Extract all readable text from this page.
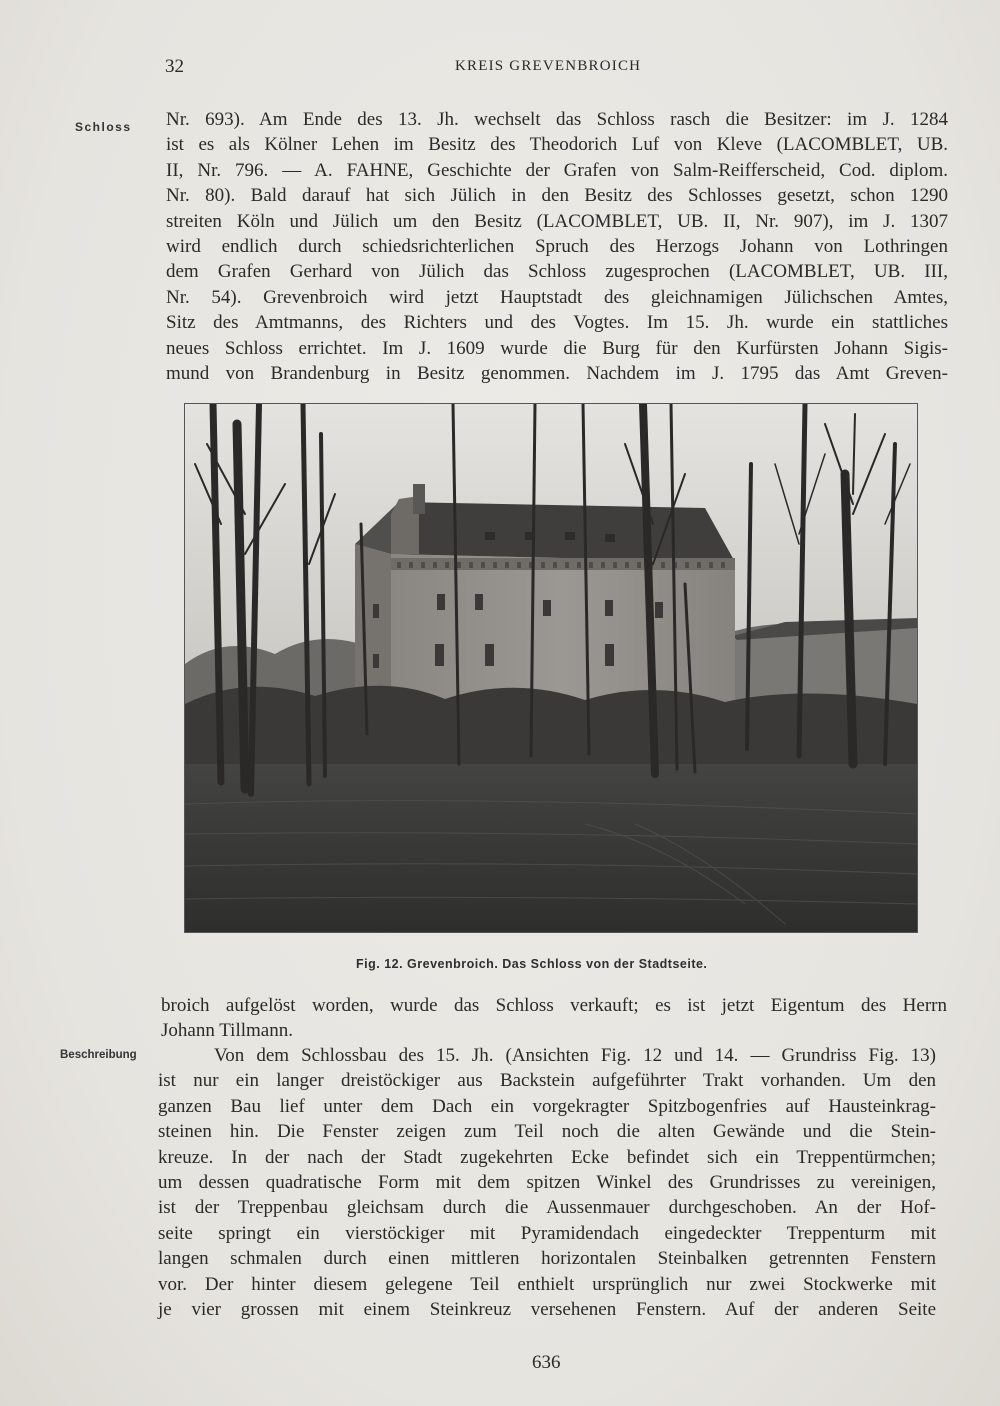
32	KREIS GREVENBROICH
Schloss Nr. 693). Am Ende des 13. Jh. wechselt das Schloss rasch die Besitzer: im J. 1284
ist es als Kölner Lehen im Besitz des Theodorich Luf von Kleve (LACOMBLET, UB.
II, Nr. 796. — A. FAHNE, Geschichte der Grafen von Salm-Reifferscheid, Cod. diplom.
Nr. 80). Bald darauf hat sich Jülich in den Besitz des Schlosses gesetzt, schon 1290
streiten Köln und Jülich um den Besitz (LACOMBLET, UB. II, Nr. 907), im J. 1307
wird endlich durch schiedsrichterlichen Spruch des Herzogs Johann von Lothringen
dem Grafen Gerhard von Jülich das Schloss zugesprochen (LACOMBLET, UB. III,
Nr. 54). Grevenbroich wird jetzt Hauptstadt des gleichnamigen Jülichschen Amtes,
Sitz des Amtmanns, des Richters und des Vogtes. Im 15. Jh. wurde ein stattliches
neues Schloss errichtet. Im J. 1609 wurde die Burg für den Kurfürsten Johann Sigis-
mund von Brandenburg in Besitz genommen. Nachdem im J. 1795 das Amt Greven-
Fig. 12. Grevenbroich. Das Schloss von der Stadtseite.
broich aufgelöst worden, wurde das Schloss verkauft; es ist jetzt Eigentum des Herrn
Johann Tillmann.
Beschreibung	Von dem Schlossbau des 15. Jh. (Ansichten Fig. 12 und 14. — Grundriss Fig. 13)
ist nur ein langer dreistöckiger aus Backstein aufgeführter Trakt vorhanden. Um den
ganzen Bau lief unter dem Dach ein vorgekragter Spitzbogenfries auf Hausteinkrag-
steinen hin. Die Fenster zeigen zum Teil noch die alten Gewände und die Stein-
kreuze. In der nach der Stadt zugekehrten Ecke befindet sich ein Treppentürmchen;
um dessen quadratische Form mit dem spitzen Winkel des Grundrisses zu vereinigen,
ist der Treppenbau gleichsam durch die Aussenmauer durchgeschoben. An der Hof-
seite springt ein vierstöckiger mit Pyramidendach eingedeckter Treppenturm mit
langen schmalen durch einen mittleren horizontalen Steinbalken getrennten Fenstern
vor. Der hinter diesem gelegene Teil enthielt ursprünglich nur zwei Stockwerke mit
je vier grossen mit einem Steinkreuz versehenen Fenstern. Auf der anderen Seite
636
